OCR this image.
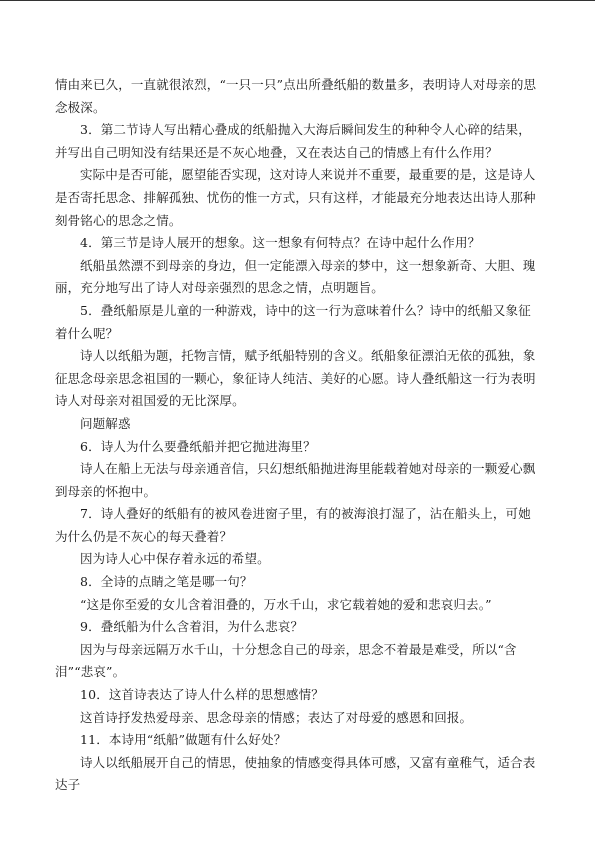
情由来已久，一直就很浓烈，“一只一只”点出所叠纸船的数量多，表明诗人对母亲的思念极深。

3．第二节诗人写出精心叠成的纸船抛入大海后瞬间发生的种种令人心碎的结果，并写出自己明知没有结果还是不灰心地叠，又在表达自己的情感上有什么作用？

实际中是否可能，愿望能否实现，这对诗人来说并不重要，最重要的是，这是诗人是否寄托思念、排解孤独、忧伤的惟一方式，只有这样，才能最充分地表达出诗人那种刻骨铭心的思念之情。

4．第三节是诗人展开的想象。这一想象有何特点？在诗中起什么作用？

纸船虽然漂不到母亲的身边，但一定能漂入母亲的梦中，这一想象新奇、大胆、瑰丽，充分地写出了诗人对母亲强烈的思念之情，点明题旨。

5．叠纸船原是儿童的一种游戏，诗中的这一行为意味着什么？诗中的纸船又象征着什么呢？

诗人以纸船为题，托物言情，赋予纸船特别的含义。纸船象征漂泊无依的孤独，象征思念母亲思念祖国的一颗心，象征诗人纯洁、美好的心愿。诗人叠纸船这一行为表明诗人对母亲对祖国爱的无比深厚。

问题解惑

6．诗人为什么要叠纸船并把它抛进海里？

诗人在船上无法与母亲通音信，只幻想纸船抛进海里能载着她对母亲的一颗爱心飘到母亲的怀抱中。

7．诗人叠好的纸船有的被风卷进窗子里，有的被海浪打湿了，沾在船头上，可她为什么仍是不灰心的每天叠着？

因为诗人心中保存着永远的希望。

8．全诗的点睛之笔是哪一句？

“这是你至爱的女儿含着泪叠的，万水千山，求它载着她的爱和悲哀归去。”

9．叠纸船为什么含着泪，为什么悲哀？

因为与母亲远隔万水千山，十分想念自己的母亲，思念不着最是难受，所以“含泪”“悲哀”。

10．这首诗表达了诗人什么样的思想感情？

这首诗抒发热爱母亲、思念母亲的情感；表达了对母爱的感恩和回报。

11．本诗用“纸船”做题有什么好处？

诗人以纸船展开自己的情思，使抽象的情感变得具体可感，又富有童稚气，适合表达子
